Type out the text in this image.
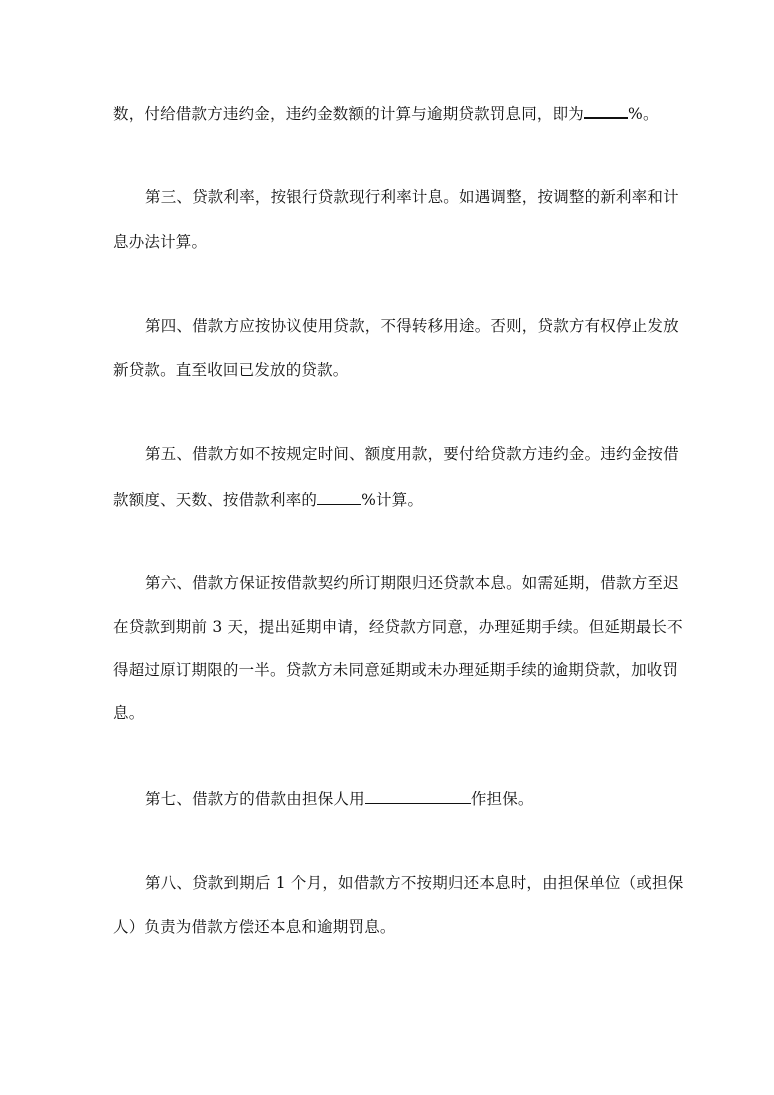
数，付给借款方违约金，违约金数额的计算与逾期贷款罚息同，即为	%。
第三、贷款利率，按银行贷款现行利率计息。如遇调整，按调整的新利率和计
息办法计算。
第四、借款方应按协议使用贷款，不得转移用途。否则，贷款方有权停止发放
新贷款。直至收回已发放的贷款。
第五、借款方如不按规定时间、额度用款，要付给贷款方违约金。违约金按借
款额度、天数、按借款利率的	%计算。
第六、借款方保证按借款契约所订期限归还贷款本息。如需延期，借款方至迟
在贷款到期前 3 天，提出延期申请，经贷款方同意，办理延期手续。但延期最长不
得超过原订期限的一半。贷款方未同意延期或未办理延期手续的逾期贷款，加收罚
息。
第七、借款方的借款由担保人用	作担保。
第八、贷款到期后 1 个月，如借款方不按期归还本息时，由担保单位（或担保
人）负责为借款方偿还本息和逾期罚息。
